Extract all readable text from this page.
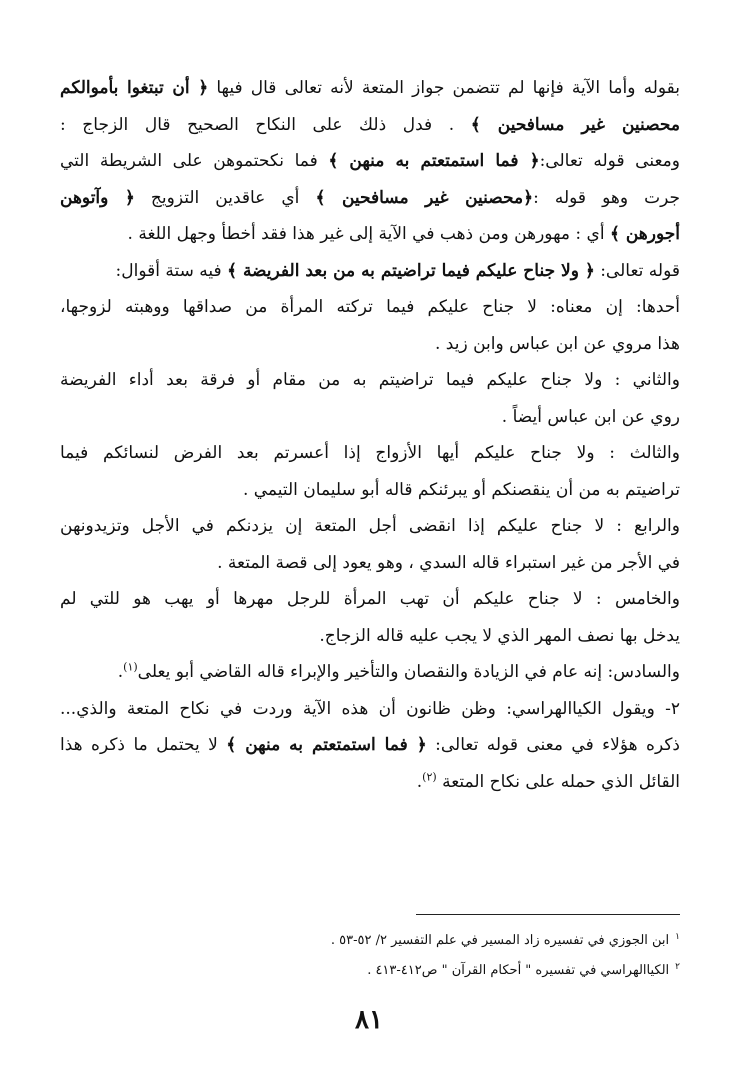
بقوله وأما الآية فإنها لم تتضمن جواز المتعة لأنه تعالى قال فيها ﴿ أن تبتغوا بأموالكم
محصنين غير مسافحين ﴾ . فدل ذلك على النكاح الصحيح قال الزجاج :
ومعنى قوله تعالى:﴿ فما استمتعتم به منهن ﴾ فما نكحتموهن على الشريطة التي
جرت وهو قوله :﴿محصنين غير مسافحين ﴾ أي عاقدين التزويج ﴿ وآتوهن
أجورهن ﴾ أي : مهورهن ومن ذهب في الآية إلى غير هذا فقد أخطأ وجهل اللغة .
قوله تعالى: ﴿ ولا جناح عليكم فيما تراضيتم به من بعد الفريضة ﴾ فيه ستة أقوال:
أحدها: إن معناه: لا جناح عليكم فيما تركته المرأة من صداقها ووهبته لزوجها،
هذا مروي عن ابن عباس وابن زيد .
والثاني : ولا جناح عليكم فيما تراضيتم به من مقام أو فرقة بعد أداء الفريضة
روي عن ابن عباس أيضاً .
والثالث : ولا جناح عليكم أيها الأزواج إذا أعسرتم بعد الفرض لنسائكم فيما
تراضيتم به من أن ينقصنكم أو يبرئنكم قاله أبو سليمان التيمي .
والرابع : لا جناح عليكم إذا انقضى أجل المتعة إن يزدنكم في الأجل وتزيدونهن
في الأجر من غير استبراء قاله السدي ، وهو يعود إلى قصة المتعة .
والخامس : لا جناح عليكم أن تهب المرأة للرجل مهرها أو يهب هو للتي لم
يدخل بها نصف المهر الذي لا يجب عليه قاله الزجاج.
والسادس: إنه عام في الزيادة والنقصان والتأخير والإبراء قاله القاضي أبو يعلى$^{(١)}$.
٢- ويقول الكياالهراسي: وظن ظانون أن هذه الآية وردت في نكاح المتعة والذي...
ذكره هؤلاء في معنى قوله تعالى: ﴿ فما استمتعتم به منهن ﴾ لا يحتمل ما ذكره هذا
القائل الذي حمله على نكاح المتعة $^{(٢)}$.
$^١$ابن الجوزي في تفسيره زاد المسير في علم التفسير ٢/ ٥٢-٥٣ .
$^٢$الكياالهراسي في تفسيره " أحكام القرآن " ص٤١٢-٤١٣ .
٨١
